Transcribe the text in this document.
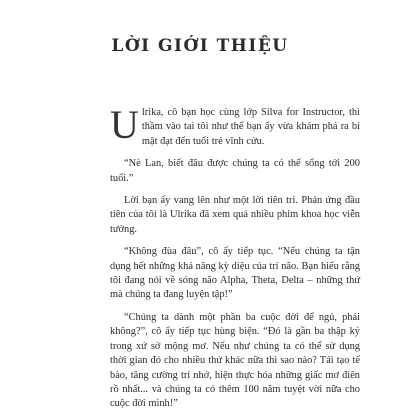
LỜI GIỚI THIỆU

Ulrika, cô bạn học cùng lớp Silva for Instructor, thì thầm vào tai tôi như thể bạn ấy vừa khám phá ra bí mật đạt đến tuổi trẻ vĩnh cửu.

“Nè Lan, biết đâu được chúng ta có thể sống tới 200 tuổi.”

Lời bạn ấy vang lên như một lời tiên tri. Phản ứng đầu tiên của tôi là Ulrika đã xem quá nhiều phim khoa học viễn tưởng.

“Không đùa đâu”, cô ấy tiếp tục. “Nếu chúng ta tận dụng hết những khả năng kỳ diệu của trí não. Bạn hiểu rằng tôi đang nói về sóng não Alpha, Theta, Delta – những thứ mà chúng ta đang luyện tập!”

“Chúng ta dành một phần ba cuộc đời để ngủ, phải không?”, cô ấy tiếp tục hùng biện. “Đó là gần ba thập kỷ trong xứ sở mộng mơ. Nếu như chúng ta có thể sử dụng thời gian đó cho nhiều thứ khác nữa thì sao nào? Tái tạo tế bào, tăng cường trí nhớ, hiện thực hóa những giấc mơ điên rồ nhất... và chúng ta có thêm 100 năm tuyệt vời nữa cho cuộc đời mình!”
